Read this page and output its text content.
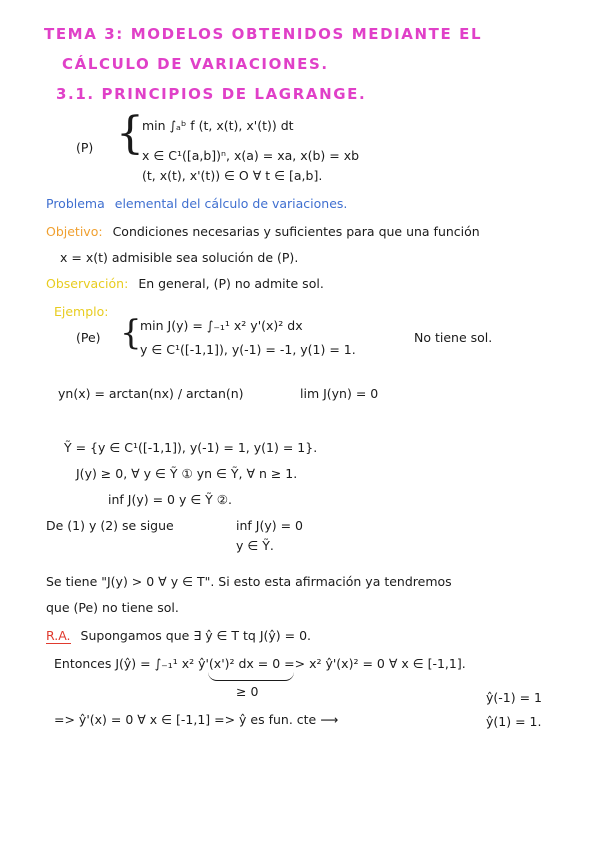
TEMA 3: MODELOS OBTENIDOS MEDIANTE EL

CÁLCULO DE VARIACIONES.

3.1. PRINCIPIOS DE LAGRANGE.

(P) {

min ∫ₐᵇ f (t, x(t), x'(t)) dt

x ∈ C¹([a,b])ⁿ, x(a) = xa, x(b) = xb

(t, x(t), x'(t)) ∈ O ∀ t ∈ [a,b].

Problema elemental del cálculo de variaciones.

Objetivo: Condiciones necesarias y suficientes para que una función

x = x(t) admisible sea solución de (P).

Observación: En general, (P) no admite sol.

Ejemplo:

(Pe) {

min J(y) = ∫₋₁¹ x² y'(x)² dx

y ∈ C¹([-1,1]), y(-1) = -1, y(1) = 1.

No tiene sol.

yn(x) = arctan(nx) / arctan(n)	lim J(yn) = 0

Ỹ = {y ∈ C¹([-1,1]), y(-1) = 1, y(1) = 1}.

J(y) ≥ 0, ∀ y ∈ Ỹ ① yn ∈ Ỹ, ∀ n ≥ 1.

inf J(y) = 0 y ∈ Ỹ ②.

De (1) y (2) se sigue	inf J(y) = 0

y ∈ Ỹ.

Se tiene "J(y) > 0 ∀ y ∈ T". Si esto esta afirmación ya tendremos

que (Pe) no tiene sol.

R.A. Supongamos que ∃ ŷ ∈ T tq J(ŷ) = 0.

Entonces J(ŷ) = ∫₋₁¹ x² ŷ'(x')² dx = 0 => x² ŷ'(x)² = 0 ∀ x ∈ [-1,1].

≥ 0	ŷ(-1) = 1

=> ŷ'(x) = 0 ∀ x ∈ [-1,1] => ŷ es fun. cte ⟶	ŷ(1) = 1.
